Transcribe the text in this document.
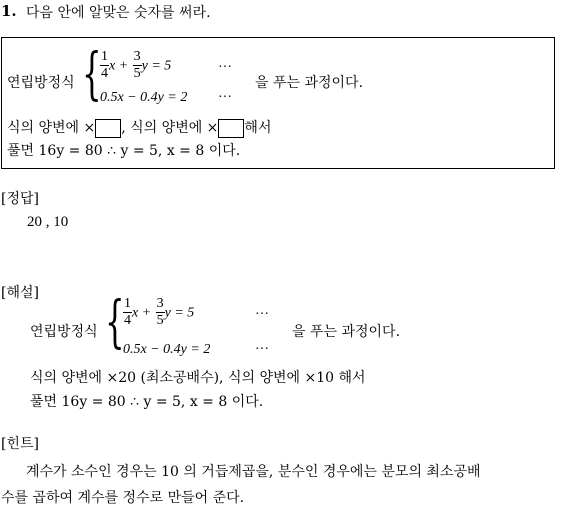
1. 다음 안에 알맞은 숫자를 써라.
연립방정식 {
$\frac{1}{4}$ $x + \frac{3}{5}$ y = 5	···
0.5x − 0.4y = 2 ···
을 푸는 과정이다.
식의 양변에 × , 식의 양변에 × 해서
풀면 16y = 80 ∴ y = 5, x = 8 이다.
[정답]
20 , 10
[해설]
연립방정식 {
$\frac{1}{4}$ $x + \frac{3}{5}$ y = 5	···
0.5x − 0.4y = 2	···
을 푸는 과정이다.
식의 양변에 ×20 (최소공배수), 식의 양변에 ×10 해서
풀면 16y = 80 ∴ y = 5, x = 8 이다.
[힌트]
계수가 소수인 경우는 10 의 거듭제곱을, 분수인 경우에는 분모의 최소공배
수를 곱하여 계수를 정수로 만들어 준다.
